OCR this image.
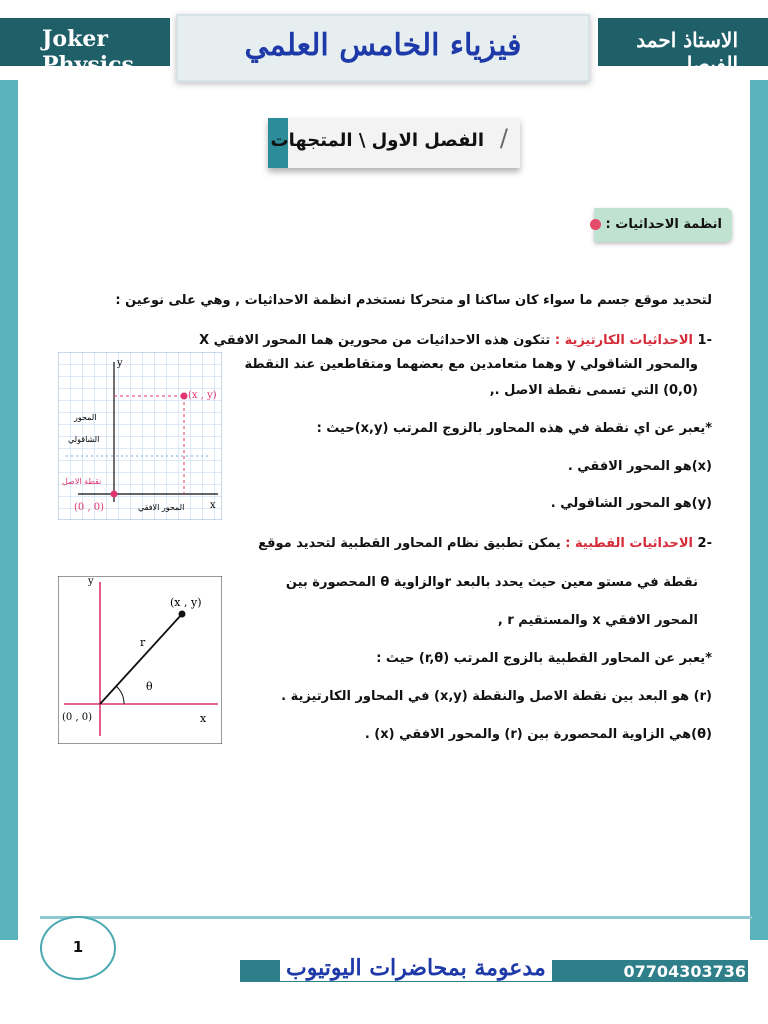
Joker Physics
فيزياء الخامس العلمي	الاستاذ احمد الفيصل
/
الفصل الاول \ المتجهات
انظمة الاحداثيات :
لتحديد موقع جسم ما سواء كان ساكنا او متحركا نستخدم انظمة الاحداثيات , وهي على نوعين :
-1 الاحداثيات الكارتيزية : تتكون هذه الاحداثيات من محورين هما المحور الافقي X
والمحور الشاقولي y وهما متعامدين مع بعضهما ومتقاطعين عند النقطة
(0,0) التي تسمى نقطة الاصل .,
*يعبر عن اي نقطة في هذه المحاور بالزوج المرتب (x,y)حيث :
(x)هو المحور الافقي .
(y)هو المحور الشاقولي .
-2 الاحداثيات القطبية : يمكن تطبيق نظام المحاور القطبية لتحديد موقع
نقطة في مستو معين حيث يحدد بالبعد rوالزاوية θ المحصورة بين
المحور الافقي x والمستقيم r ,
*يعبر عن المحاور القطبية بالزوج المرتب (r,θ) حيث :
(r) هو البعد بين نقطة الاصل والنقطة (x,y) في المحاور الكارتيزية .
(θ)هي الزاوية المحصورة بين (r) والمحور الافقي (x) .
y
x
(x , y)
(0 , 0)
المحور
الشاقولي
نقطة الاصل
المحور الافقي
y
x
(x , y)
(0 , 0)
r
θ
1
مدعومة بمحاضرات اليوتيوب	07704303736
